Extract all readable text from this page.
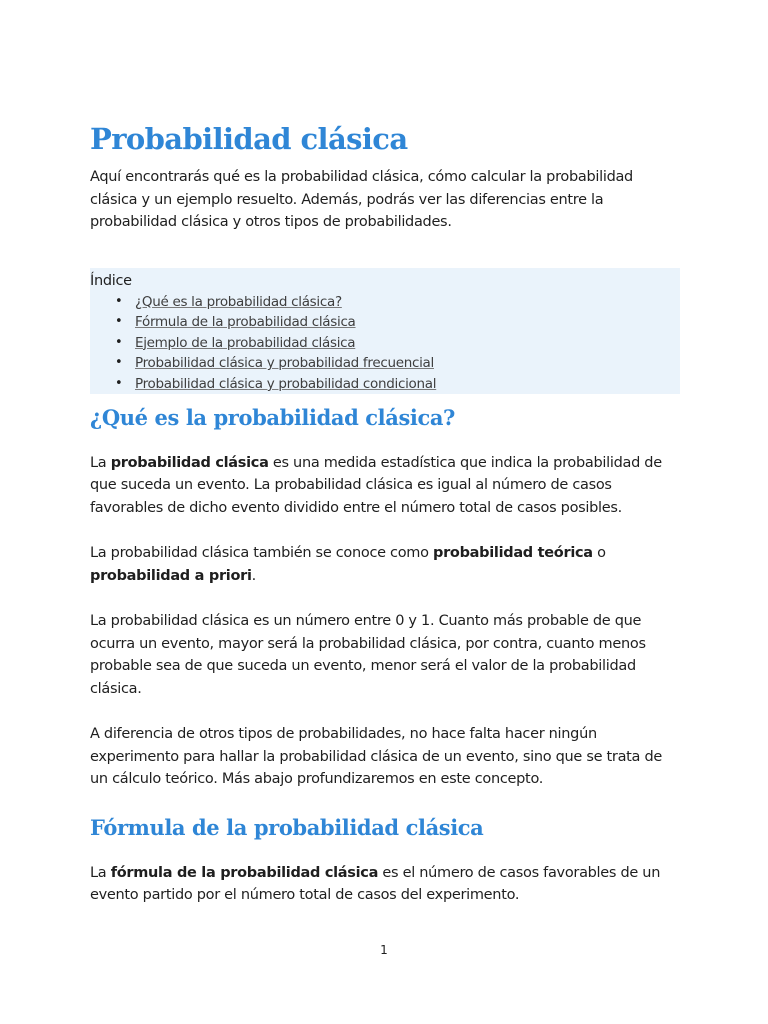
Probabilidad clásica

Aquí encontrarás qué es la probabilidad clásica, cómo calcular la probabilidad clásica y un ejemplo resuelto. Además, podrás ver las diferencias entre la probabilidad clásica y otros tipos de probabilidades.

Índice
• ¿Qué es la probabilidad clásica?
• Fórmula de la probabilidad clásica
• Ejemplo de la probabilidad clásica
• Probabilidad clásica y probabilidad frecuencial
• Probabilidad clásica y probabilidad condicional
¿Qué es la probabilidad clásica?

La probabilidad clásica es una medida estadística que indica la probabilidad de que suceda un evento. La probabilidad clásica es igual al número de casos favorables de dicho evento dividido entre el número total de casos posibles.

La probabilidad clásica también se conoce como probabilidad teórica o probabilidad a priori.

La probabilidad clásica es un número entre 0 y 1. Cuanto más probable de que ocurra un evento, mayor será la probabilidad clásica, por contra, cuanto menos probable sea de que suceda un evento, menor será el valor de la probabilidad clásica.

A diferencia de otros tipos de probabilidades, no hace falta hacer ningún experimento para hallar la probabilidad clásica de un evento, sino que se trata de un cálculo teórico. Más abajo profundizaremos en este concepto.

Fórmula de la probabilidad clásica

La fórmula de la probabilidad clásica es el número de casos favorables de un evento partido por el número total de casos del experimento.

1
